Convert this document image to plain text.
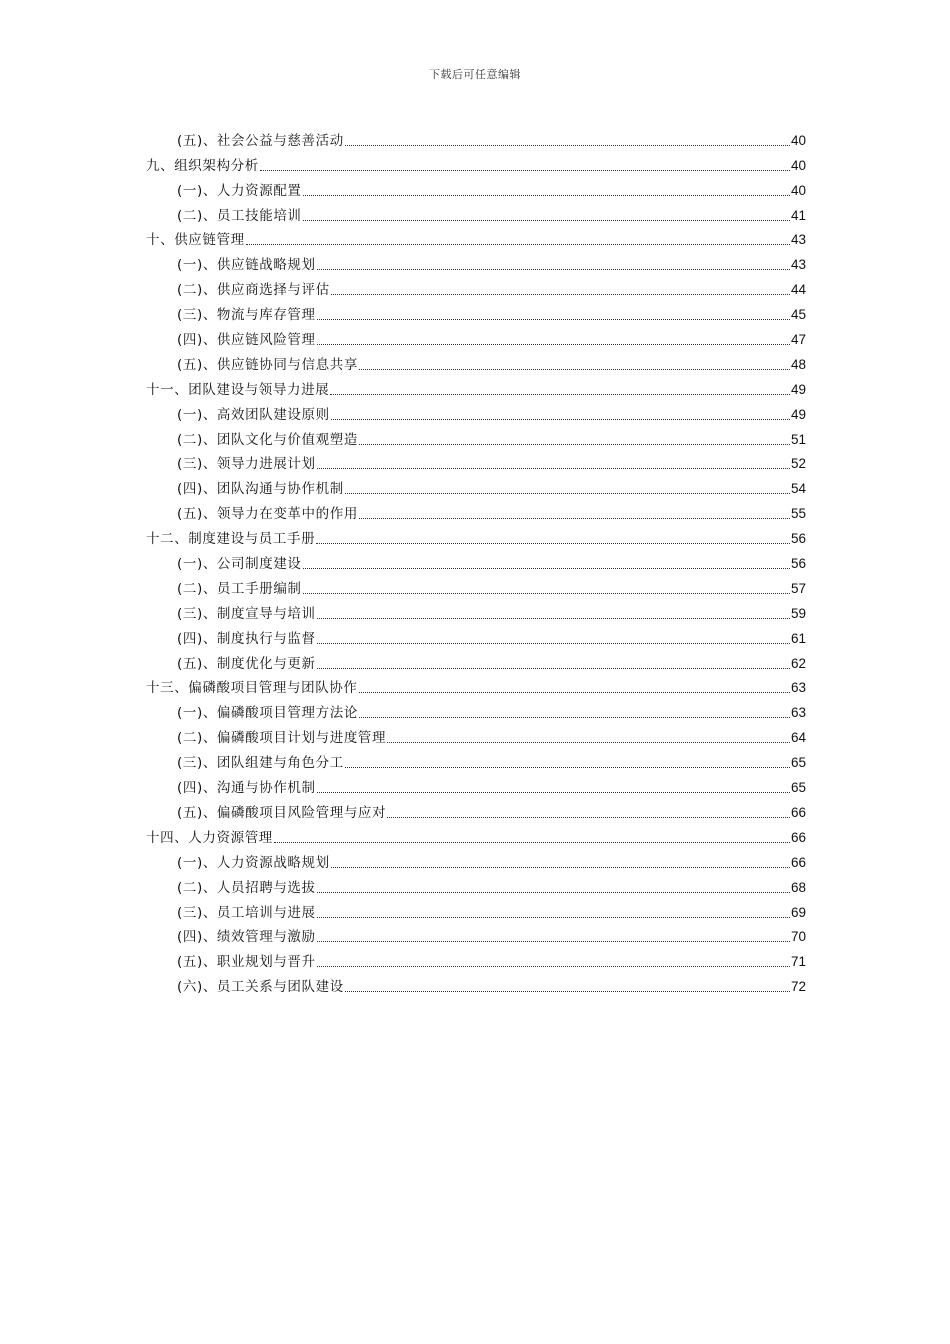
下载后可任意编辑
(五)、社会公益与慈善活动	40
九、组织架构分析	40
(一)、人力资源配置	40
(二)、员工技能培训	41
十、供应链管理	43
(一)、供应链战略规划	43
(二)、供应商选择与评估	44
(三)、物流与库存管理	45
(四)、供应链风险管理	47
(五)、供应链协同与信息共享	48
十一、团队建设与领导力进展	49
(一)、高效团队建设原则	49
(二)、团队文化与价值观塑造	51
(三)、领导力进展计划	52
(四)、团队沟通与协作机制	54
(五)、领导力在变革中的作用	55
十二、制度建设与员工手册	56
(一)、公司制度建设	56
(二)、员工手册编制	57
(三)、制度宣导与培训	59
(四)、制度执行与监督	61
(五)、制度优化与更新	62
十三、偏磷酸项目管理与团队协作	63
(一)、偏磷酸项目管理方法论	63
(二)、偏磷酸项目计划与进度管理	64
(三)、团队组建与角色分工	65
(四)、沟通与协作机制	65
(五)、偏磷酸项目风险管理与应对	66
十四、人力资源管理	66
(一)、人力资源战略规划	66
(二)、人员招聘与选拔	68
(三)、员工培训与进展	69
(四)、绩效管理与激励	70
(五)、职业规划与晋升	71
(六)、员工关系与团队建设	72
